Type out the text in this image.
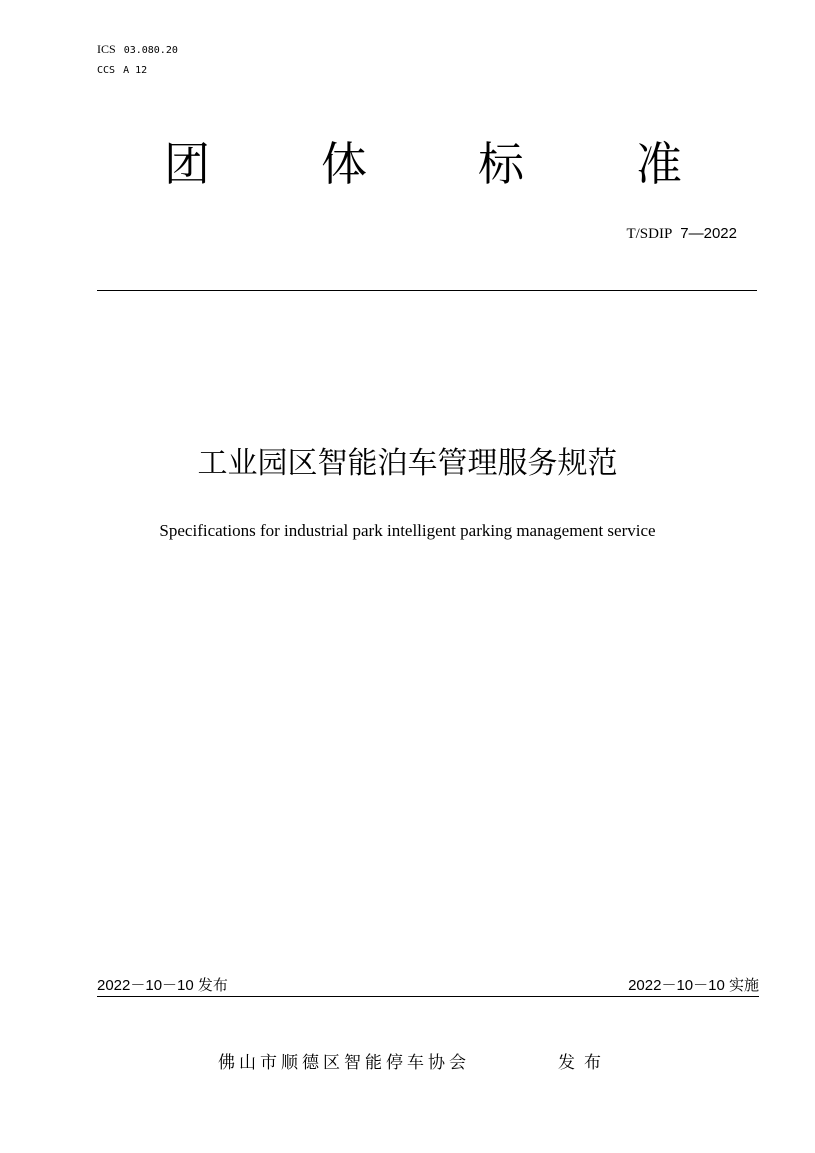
ICS 03.080.20
CCS A 12
团 体 标 准
T/SDIP 7—2022
工业园区智能泊车管理服务规范
Specifications for industrial park intelligent parking management service
2022－10－10 发布	2022－10－10 实施
佛山市顺德区智能停车协会	发布
